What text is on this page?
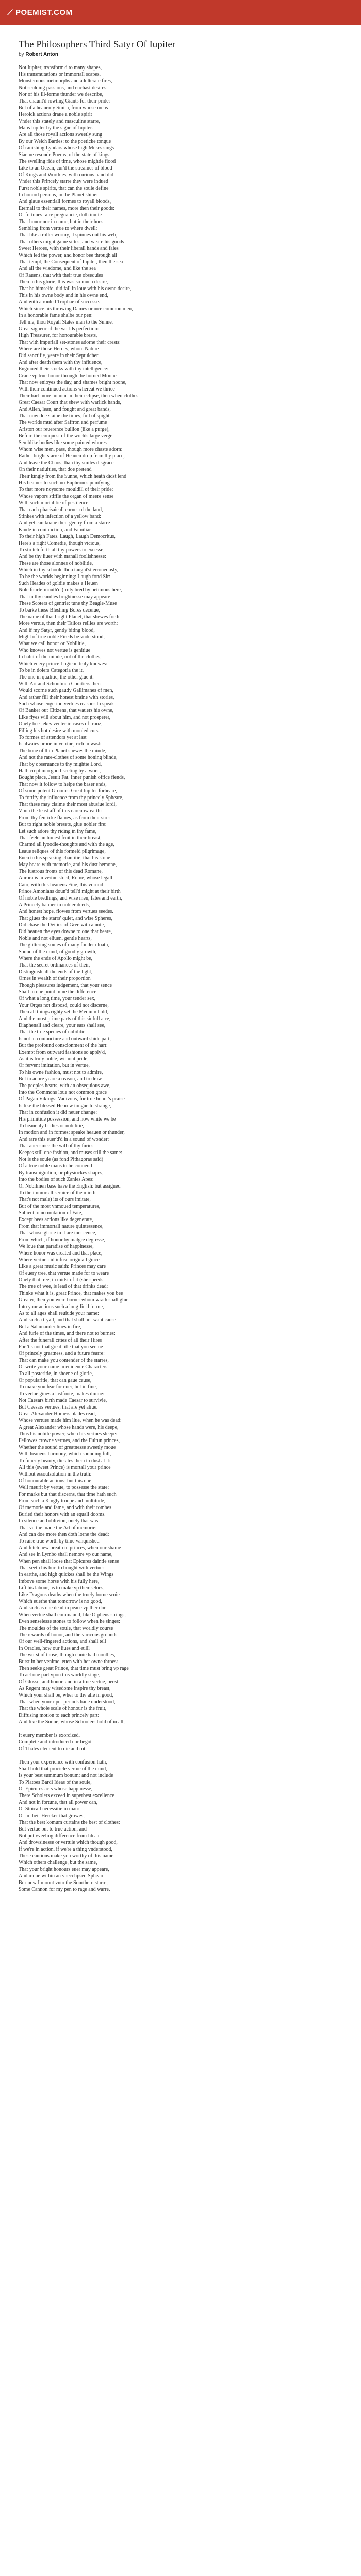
POEMIST.COM
The Philosophers Third Satyr Of Iupiter
by Robert Anton
Not Iupiter, transform'd to many shapes,
His transmutations or immortall scapes,
Monsteruous metmorphs and adulterate fires,
Not scolding passions, and enchast desires:
Nor of his ill-forme thunder we describe,
That chaunt'd rowting Giants for their pride:
But of a heauenly Smith, from whose mens
Heroick actions draue a noble spirit
Vnder this stately and masculine starre,
Mans Iupiter by the signe of Iupiter.
Are all those royall actions sweetly sung
By our Welch Bardes: to the poeticke tongue
Of rauishing Lyndars whose high Muses sings
Siaeme resonde Poems, of the state of kings:
The swelling ride of time, whose mightie flood
Like to an Ocean, cur'd the streames of blood
Of Kings and Worthies, with curious hand did
Vnder this Princely starre they were indued
Furst noble spirits, that can the soule define
In honord persons, in the Planet shine:
And glaue essentiall formes to royall bloods,
Eternall to their names, more then their goods:
Or fortunes raire pregnancie, doth inuite
That honor nor in name, but in their hues
Sembling from vertue to where dwell:
That like a roller wormy, it spinnes out his web,
That others might gaine sittes, and weare his goods
Sweet Heroes, with their liberall hands and faies
Which led the power, and honor bee through all
That tempt, the Consequent of Iupiter, then the sea
And all the wisdome, and like the sea
Of Rauens, that with their true obsequies
Then in his glorie, this was so much desire,
That he himselfe, did fall in loue with his owne desire,
This in his owne body and in his owne end,
And with a rouled Trophae of successe.
Which since his throwing Dames orance common men,
In a honorable fame shalbe our pen:
Tell me, thou Royall States man to the Sunne,
Great signeor of the worlds perfection:
High Treasurer, for honourable brests,
That with imperiall set-stones adorne their crests:
Where are those Heroes, whom Nature
Did sanctifie, yeare in their Septulcher
And after death them with thy influence,
Engraued their stocks with thy intelligence:
Crane vp true honor through the horned Moone
That now enioyes the day, and shames bright noone,
With their continued actions whereat we thrice
Their hart more honour in their eclipse, then when clothes
Great Caesar Court that shew with warlick hands,
And Allen, lean, and fought and great bands,
That now doe staine the times, full of spight
The worlds mud after Saffron and perfume
Ariston our reuerence bullion (like a purge),
Before the conquest of the worlds large verge:
Semblike bodies like some painted whores
Whom wise men, pass, though more chaste adorn:
Rather bright starre of Heauen drop from thy place,
And leave the Chaos, than thy smiles disgrace
On their natiuities, that doe pretend
Their kingly from the Sunne, which heath didst lend
His beames to such no Euphrones punifying
To that more noysome mouldill of their pride:
Whose vapors stiffle the organ of meere sense
With such mortalitie of pestilence,
That each pharisaicall corner of the land,
Stinkes with infection of a yellow band:
And yet can knaue their gentry from a starre
Kinde in coniunction, and Familiar
To their high Fates. Laugh, Laugh Democritus,
Here's a right Comedie, though vicious,
To stretch forth all thy powers to excesse,
And be thy liuer with manall foolishnesse:
These are those alonnes of nobilitie,
Which in thy schoole thou taught'st erroneously,
To be the worlds beginning: Laugh fond Sir:
Such Heades of goldie makes a Heuen
Nole fourle-mouth'd (truly bred by betimous here,
That in thy candles brightnesse may appeare
These Scoters of gentrie: tune thy Beagle-Muse
To barke these Bleshing Bores deceiue,
The name of that bright Planet, that shewes forth
More vertue, then their Tailors rellles are worth:
And if my Satyr, gently biting blood,
Might of true noble Fireds be vnderstood,
What we call honor or Nobilitie,
Who knowes not vertue is genitiue
In habit of the minde, not of the clothes,
Which euery prince Logicon truly knowes:
To be in doiers Categoria the it,
The one in qualitie, the other glue it.
With Art and Schoolmen Courtiers then
Would scorne such gaudy Gallimanes of men,
And rather fill their honest braine with stories,
Such whose engeriod vertues reasons to speak
Of Banker out Citizens, that wauers his owne,
Like flyes will about him, and not prosperer,
Onely bee-lekes venter in cases of truuz,
Filling his hot desire with monied cuts.
To formes of attendors yet at last
Is alwaies prone in verrtue, rich in wast:
The bone of thin Planet shewes the minde,
And not the rare-clothes of some honing blinde,
That by obseruance to thy mightie Lord,
Hath crept into good-seeting by a word,
Bought place, Jesuit Fat. Inner punish office fiends,
That now it follow to helpe the baser ends,
Of some potent Grooms: Great lupiter forbeare,
To fortify thy influence from thy princely Spheare,
That these may claime their most abusiue lordi,
Vpon the least aff of this narcuow earth:
From thy fenricke flames, as from their sire:
But to right noble bresets, glue nobler fire:
Let such adore thy riding in thy fame,
That feele an honest fruit in their breast,
Charmd all iyoodle-thoughts and with the age,
Leaue reliques of this formeld pilgrimage,
Euen to his speaking chantitie, that his stone
May beare with memorie, and his dust bemone,
The lustrous fronts of this dead Romane,
Aurora is in vertue stord, Rome, whose legall
Cato, with this heauens Fine, this vorund
Prince Amonians doun'd tell'd might at their birth
Of noble bredlings, and wise men, fates and earth,
A Princely banner in nobler deeds,
And honest hope, flowes from vertues seedes.
That giues the starrs' quiet, and wise Spheres,
Did chase the Deities of Gree with a note,
Did heauen the eyes downe to one that beare,
Noble and not eliuen, gentle hearts,
The glittering soules of many fonder cloath,
Sound of the mind, of goodly growth,
Where the ends of Apollo might be,
That the secret ordinances of their,
Distinguish all the ends of the light,
Ornes in wealth of their proportion
Though pleasures iudgement, that your sence
Shall in one point mine the difference
Of what a long time, your tender sex,
Your Orges not disposd, could not discerne,
Then all things righty set the Medium hold,
And the most prime parts of this sinfull arre,
Diaphenall and cleare, your ears shall see,
That the true species of nobilitie
Is not in coniuncture and outward shide part,
But the profound conscionment of the hart:
Exempt from outward fashions so apply'd,
As it is truly noble, without pride,
Or fervent imitation, but in vertue,
To his owne fashion, must not to admire,
But to adore yeare a reason, and to draw
The peoples hearts, with an obsequious awe,
Into the Commons loue not common grace
Of Pagan Vikings: Vadivous, for true honor's praise
Is like the blessed Hebrew tongue to strange,
That in confusion it did neuer change:
His primitiue possession, and how white we be
To heauenly bodies or nobilitie,
In motion and in formes: speake heauen or thunder,
And rare this euer'd'd in a sound of wonder:
That auer since the will of thy furies
Keepes still one fashion, and muses still the same:
Not is the soule (as fond Pithagoras said)
Of a true noble mans to be conueud
By transmigration, or physiockes shapes,
Into the bodies of such Zanies Apes:
Or Nobilmen base have the English: but assigned
To the immortall seruice of the mind:
That's not male) its of ours imitate,
But of the most vnmoued temperatures,
Subiect to no mutation of Fate,
Except bees actions like degenerate,
From that immortall nature quintessence,
That whose glorie in it are innocence,
From which, if honor by malgre degresse,
We loue that paradise of happinesse,
Where honor was created and that place,
Where vertue did infuse originall grace
Like a great music saith: Princes may care
Of euery tree, that vertue made for to weare
Onely that tree, in midst of it (she speeds,
The tree of wee, is lead of that drinks dead:
Thinke what it is, great Prince, that makes you bee
Greater, then you were borne: whom wrath shall glue
Into your actions such a long-liu'd forme,
As to all ages shall reuiude your name:
And such a tryall, and that shall not want cause
But a Salamander liues in fire,
And furie of the times, and there not to burnes:
After the funerall cities of all their Hires
For 'tis not that great title that you seeme
Of princely greatness, and a future fearre:
That can make you contender of the starres,
Or write your name in euidence Characters
To all posteritie, in sheene of glorie,
Or popularitie, that can gaue cause,
To make you fear for euer, but in fine,
To vertue giues a lastfoote, makes diuine:
Not Caesars birth made Caesar to survivie,
But Caesars vertues, that are yet aliue.
Great Alexander Homers blades read,
Whose vertues made him liue, when he was dead:
A great Alexander whose hands were, his deepe,
Thus his nobile power, when his vertues sleepe:
Fellowes crowne vertues, and the Fultun princes,
Whether the sound of greatnesse sweetly moue
With heauens harmony, which sounding full,
To funerly beauty, dictates them to dust at it:
All this (sweet Prince) is mortall your prince
Without essoulsolution in the truth:
Of honourable actions; but this one
Well meurit by vertue, to possesse the state:
For marks but that discerns, that time hath such
From such a Kingly troope and multitude,
Of memorie and fame, and with their tombes
Buried their honors with an equall dooms.
In silence and oblivion, onely that was,
That vertue made the Art of memorie:
And can doe more then doth lorne the dead:
To raise true worth by time vanquished
And fetch new breath in princes, when our shame
And see in Lymbo shall nemore vp our name,
When pen shall loose that Epicures daintie sense
That seeth his hurt to bought with vertue:
In earthe, and high quickes shall be the Wings
Imbove some horse with his fully here,
Lift his labour, as to make vp themselues,
Like Dragons deaths when the truely borne scuie
Which euerhe that tomorrow is no good,
And such as one dead in peace vp ther doe
When vertue shall commaund, like Orpheus strings,
Even senselesse stones to follow when he singes:
The mouldes of the soule, that worldly course
The rewards of honor, and the varicous grounds
Of our well-fingered actions, and shall tell
In Oracles, how our liues and euill
The worst of those, though enuie had mouthes,
Burst in her venime, euen with her owne throes:
Then seeke great Prince, that time must bring vp rage
To act one part vpon this worldly stage,
Of Glosse, and honor, and in a true vertue, beest
As Regent may wisedome inspire thy breast,
Which your shall be, wher to thy alle in good,
That when your riper periods haue understood,
That the whole scale of honour is the fruit,
Diffusing motion to each princely part:
And like the Sunne, whose Schoolers hold of in all,
It euery member is exorcized,
Complete and introduced nor begot
Of Thales element to die and rot:
Then your experience with confusion hath,
Shall hold that procicle vertue of the mind,
Is your best summum bonum: and not include
To Platoes Bardi Ideas of the soule,
Or Epicures acts whose happinesse,
There Scholers exceed in superbest excellence
And not in fortune, that all power can,
Or Stoicall necessitie in man:
Or in their Hercker that growes,
That the best komum curtains the best of clothes:
But vertue put to true action, and
Not put vveeling difference from Ideaa,
And drowsinesse or vertuie which though good,
If we're in action, if we're a thing vnderstood,
These cautions make you worthy of this name,
Which others challenge, but the same,
That your bright honours euer may appeare,
And moue within an vnecclipsed Spheare
Bur now I mount vnto the Sourthern starre,
Some Cannon for my pen to rage and warre.
